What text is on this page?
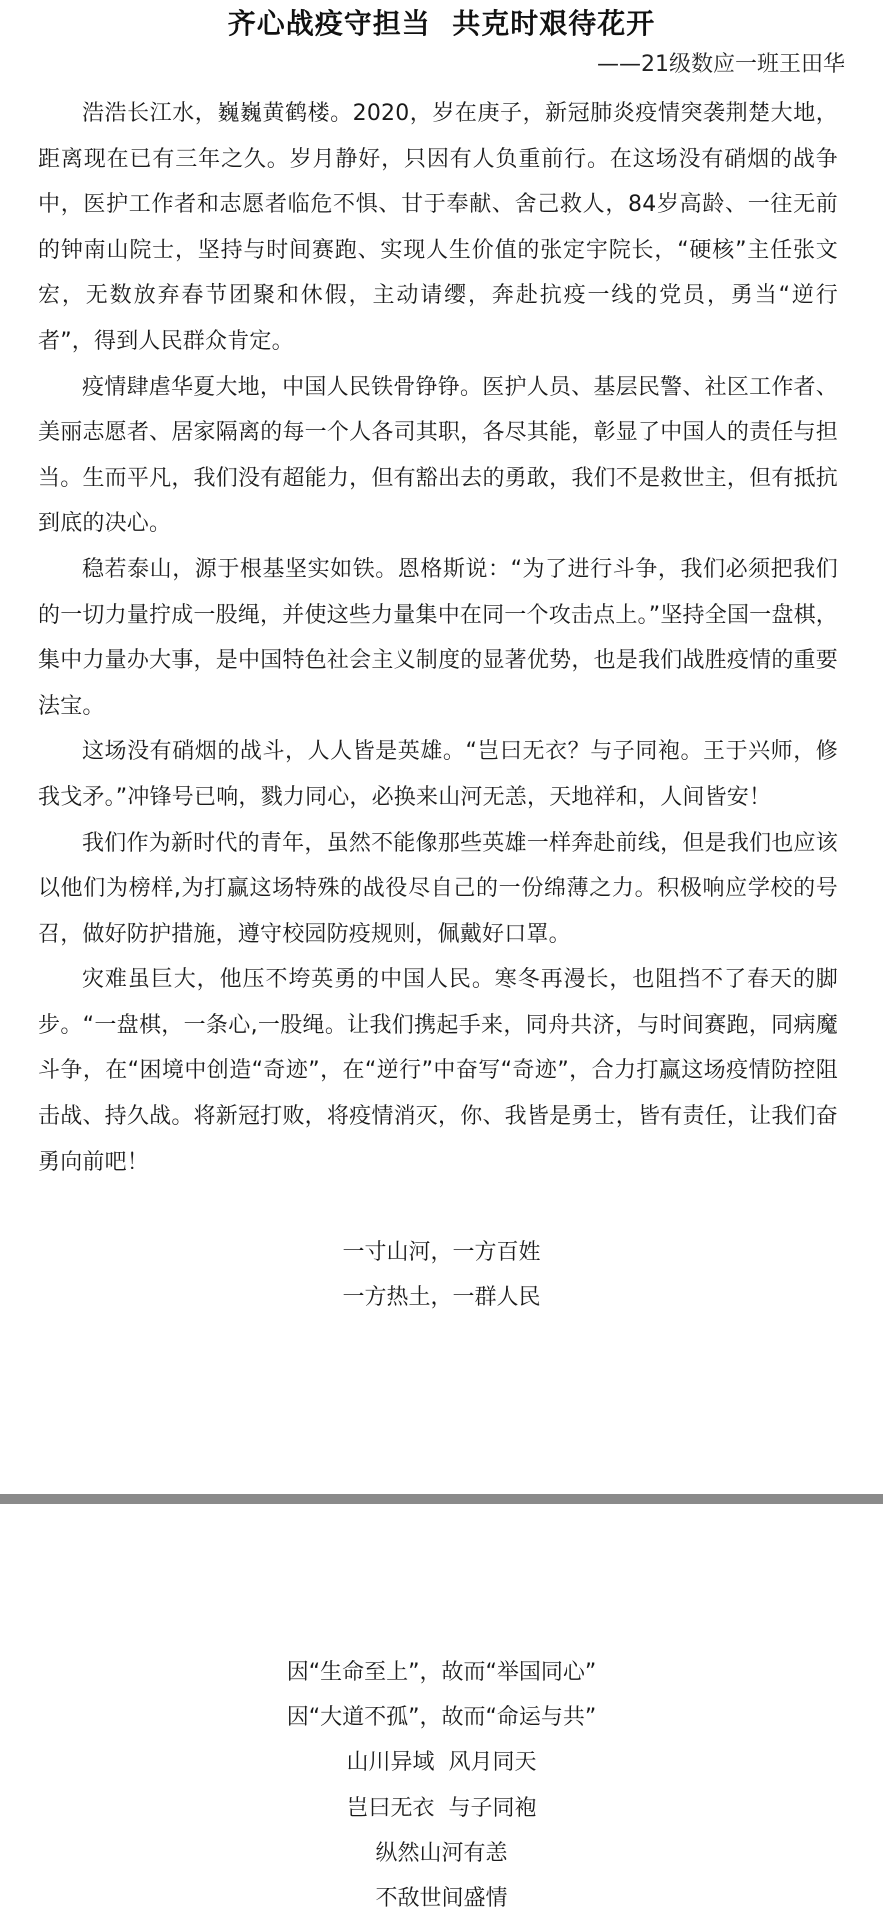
齐心战疫守担当  共克时艰待花开
——21级数应一班王田华

浩浩长江水，巍巍黄鹤楼。2020，岁在庚子，新冠肺炎疫情突袭荆楚大地，距离现在已有三年之久。岁月静好，只因有人负重前行。在这场没有硝烟的战争中，医护工作者和志愿者临危不惧、甘于奉献、舍己救人，84岁高龄、一往无前的钟南山院士，坚持与时间赛跑、实现人生价值的张定宇院长，“硬核”主任张文宏，无数放弃春节团聚和休假，主动请缨，奔赴抗疫一线的党员，勇当“逆行者”，得到人民群众肯定。

疫情肆虐华夏大地，中国人民铁骨铮铮。医护人员、基层民警、社区工作者、美丽志愿者、居家隔离的每一个人各司其职，各尽其能，彰显了中国人的责任与担当。生而平凡，我们没有超能力，但有豁出去的勇敢，我们不是救世主，但有抵抗到底的决心。

稳若泰山，源于根基坚实如铁。恩格斯说：“为了进行斗争，我们必须把我们的一切力量拧成一股绳，并使这些力量集中在同一个攻击点上。”坚持全国一盘棋，集中力量办大事，是中国特色社会主义制度的显著优势，也是我们战胜疫情的重要法宝。

这场没有硝烟的战斗，人人皆是英雄。“岂曰无衣？与子同袍。王于兴师，修我戈矛。”冲锋号已响，戮力同心，必换来山河无恙，天地祥和，人间皆安！

我们作为新时代的青年，虽然不能像那些英雄一样奔赴前线，但是我们也应该以他们为榜样,为打赢这场特殊的战役尽自己的一份绵薄之力。积极响应学校的号召，做好防护措施，遵守校园防疫规则，佩戴好口罩。

灾难虽巨大，他压不垮英勇的中国人民。寒冬再漫长，也阻挡不了春天的脚步。“一盘棋，一条心,一股绳。让我们携起手来，同舟共济，与时间赛跑，同病魔斗争，在“困境中创造“奇迹”，在“逆行”中奋写“奇迹”，合力打赢这场疫情防控阻击战、持久战。将新冠打败，将疫情消灭，你、我皆是勇士，皆有责任，让我们奋勇向前吧！

一寸山河，一方百姓
一方热土，一群人民
因“生命至上”，故而“举国同心”
因“大道不孤”，故而“命运与共”
山川异域  风月同天
岂曰无衣  与子同袍
纵然山河有恙
不敌世间盛情
